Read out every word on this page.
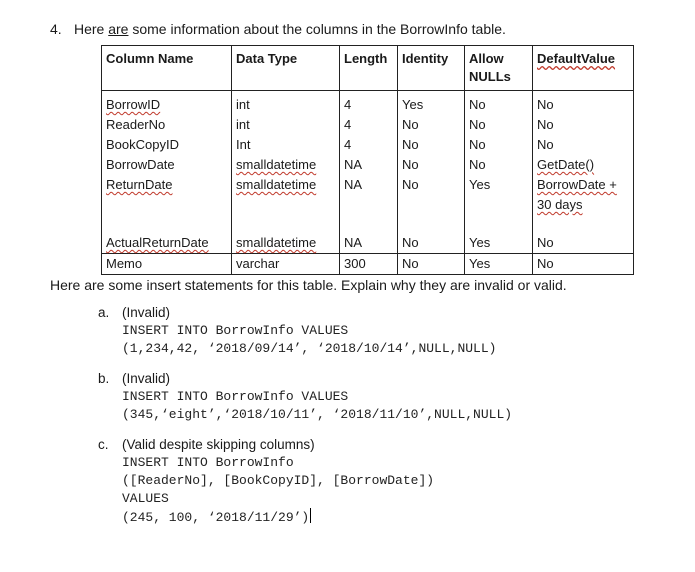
4. Here are some information about the columns in the BorrowInfo table.
Column Name	Data Type	Length	Identity	Allow NULLs	DefaultValue
BorrowID	int	4	Yes	No	No
ReaderNo	int	4	No	No	No
BookCopyID	Int	4	No	No	No
BorrowDate	smalldatetime	NA	No	No	GetDate()
ReturnDate	smalldatetime	NA	No	Yes	BorrowDate + 30 days
ActualReturnDate	smalldatetime	NA	No	Yes	No
Memo	varchar	300	No	Yes	No
Here are some insert statements for this table. Explain why they are invalid or valid.
a. (Invalid)
INSERT INTO BorrowInfo VALUES
(1,234,42, ‘2018/09/14’, ‘2018/10/14’,NULL,NULL)
b. (Invalid)
INSERT INTO BorrowInfo VALUES
(345,‘eight’,‘2018/10/11’, ‘2018/11/10’,NULL,NULL)
c. (Valid despite skipping columns)
INSERT INTO BorrowInfo
([ReaderNo], [BookCopyID], [BorrowDate])
VALUES
(245, 100, ‘2018/11/29’)
